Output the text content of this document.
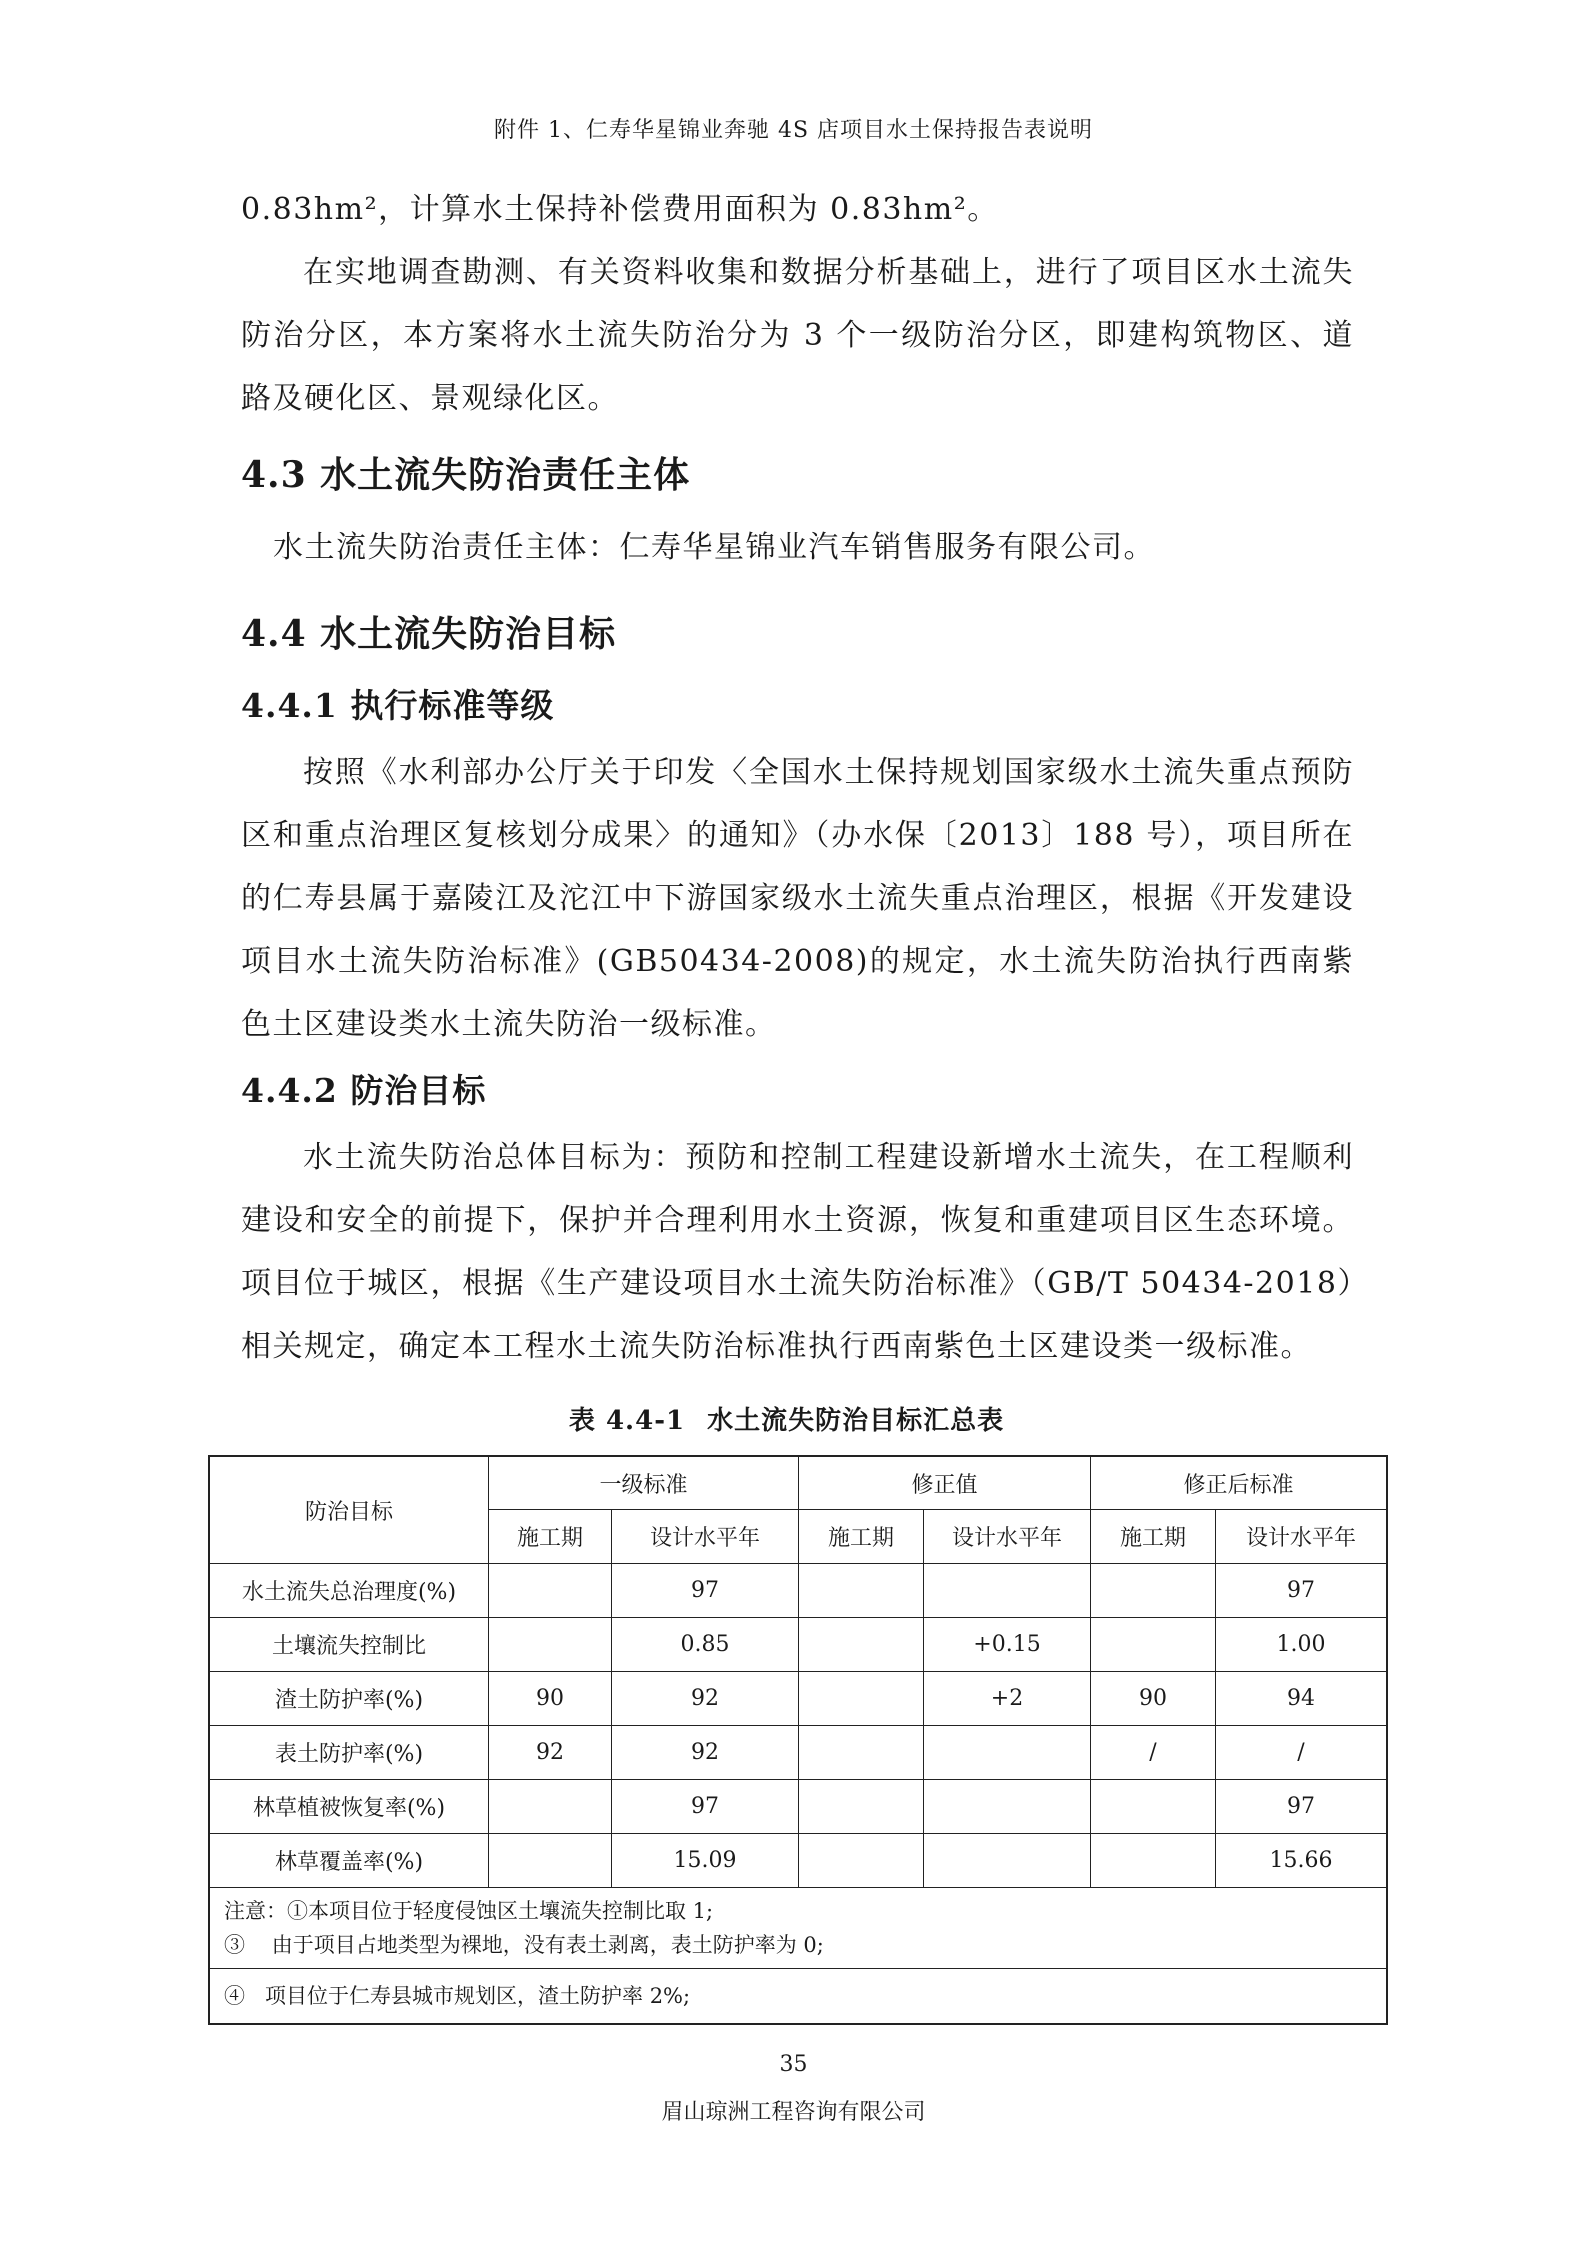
附件 1、仁寿华星锦业奔驰 4S 店项目水土保持报告表说明

0.83hm²，计算水土保持补偿费用面积为 0.83hm²。

在实地调查勘测、有关资料收集和数据分析基础上，进行了项目区水土流失防治分区，本方案将水土流失防治分为 3 个一级防治分区，即建构筑物区、道路及硬化区、景观绿化区。

4.3 水土流失防治责任主体

水土流失防治责任主体：仁寿华星锦业汽车销售服务有限公司。

4.4 水土流失防治目标
4.4.1 执行标准等级

按照《水利部办公厅关于印发〈全国水土保持规划国家级水土流失重点预防区和重点治理区复核划分成果〉的通知》（办水保〔2013〕188 号），项目所在的仁寿县属于嘉陵江及沱江中下游国家级水土流失重点治理区，根据《开发建设项目水土流失防治标准》(GB50434-2008)的规定，水土流失防治执行西南紫色土区建设类水土流失防治一级标准。

4.4.2 防治目标

水土流失防治总体目标为：预防和控制工程建设新增水土流失，在工程顺利建设和安全的前提下，保护并合理利用水土资源，恢复和重建项目区生态环境。项目位于城区，根据《生产建设项目水土流失防治标准》（GB/T 50434-2018）相关规定，确定本工程水土流失防治标准执行西南紫色土区建设类一级标准。

表 4.4-1 水土流失防治目标汇总表
防治目标	一级标准		修正值		修正后标准	
	施工期	设计水平年	施工期	设计水平年	施工期	设计水平年
水土流失总治理度(%)		97				97
土壤流失控制比		0.85		+0.15		1.00
渣土防护率(%)	90	92		+2	90	94
表土防护率(%)	92	92			/	/
林草植被恢复率(%)		97				97
林草覆盖率(%)		15.09				15.66

注意：①本项目位于轻度侵蚀区土壤流失控制比取 1;
③    由于项目占地类型为裸地，没有表土剥离，表土防护率为 0;
④   项目位于仁寿县城市规划区，渣土防护率 2%;						
35
眉山琼洲工程咨询有限公司
